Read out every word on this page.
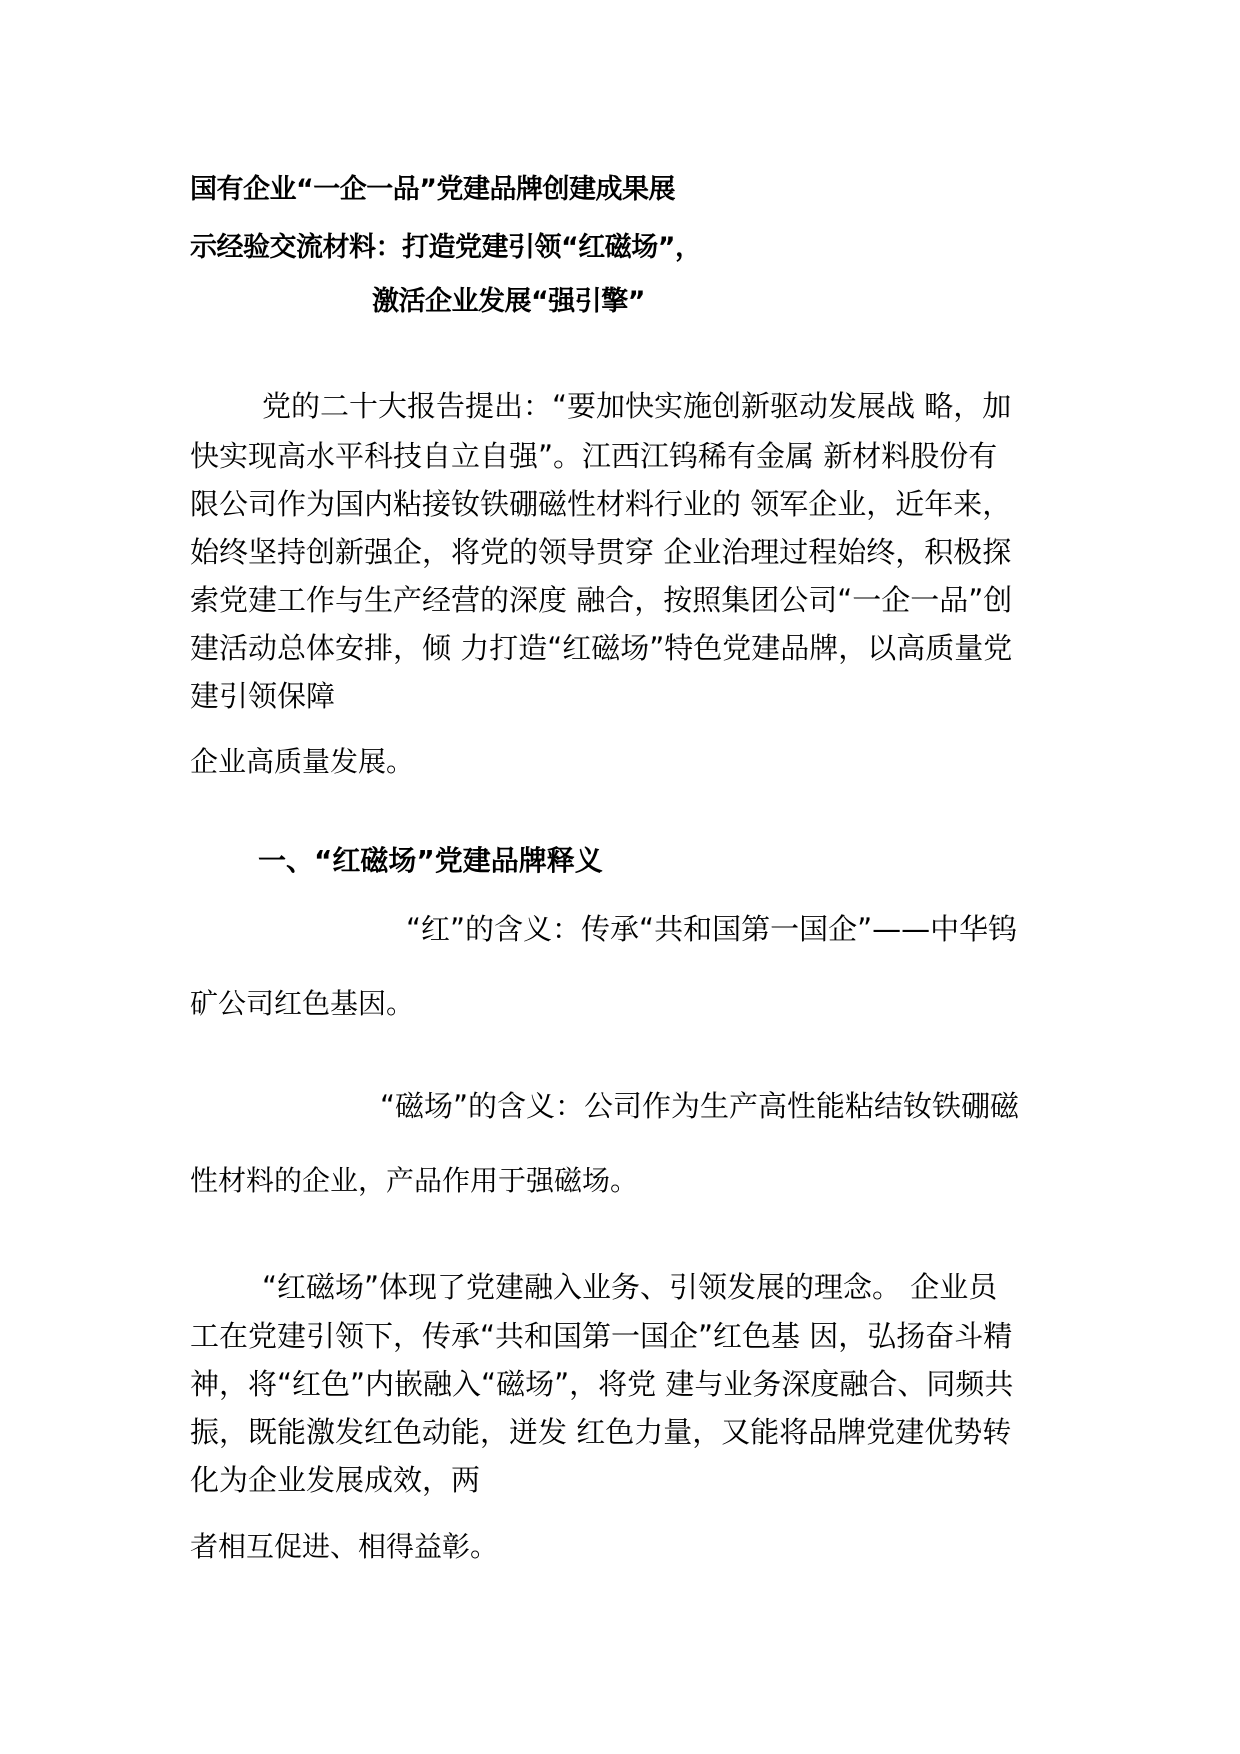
国有企业“一企一品”党建品牌创建成果展
示经验交流材料：打造党建引领“红磁场”，
激活企业发展“强引擎”
党的二十大报告提出：“要加快实施创新驱动发展战 略，加
快实现高水平科技自立自强”。江西江钨稀有金属 新材料股份有
限公司作为国内粘接钕铁硼磁性材料行业的 领军企业，近年来，
始终坚持创新强企，将党的领导贯穿 企业治理过程始终，积极探
索党建工作与生产经营的深度 融合，按照集团公司“一企一品”创
建活动总体安排，倾 力打造“红磁场”特色党建品牌，以高质量党
建引领保障
企业高质量发展。
一、“红磁场”党建品牌释义
“红”的含义：传承“共和国第一国企”——中华钨
矿公司红色基因。
“磁场”的含义：公司作为生产高性能粘结钕铁硼磁
性材料的企业，产品作用于强磁场。
“红磁场”体现了党建融入业务、引领发展的理念。 企业员
工在党建引领下，传承“共和国第一国企”红色基 因，弘扬奋斗精
神，将“红色”内嵌融入“磁场”，将党 建与业务深度融合、同频共
振，既能激发红色动能，迸发 红色力量，又能将品牌党建优势转
化为企业发展成效，两
者相互促进、相得益彰。
